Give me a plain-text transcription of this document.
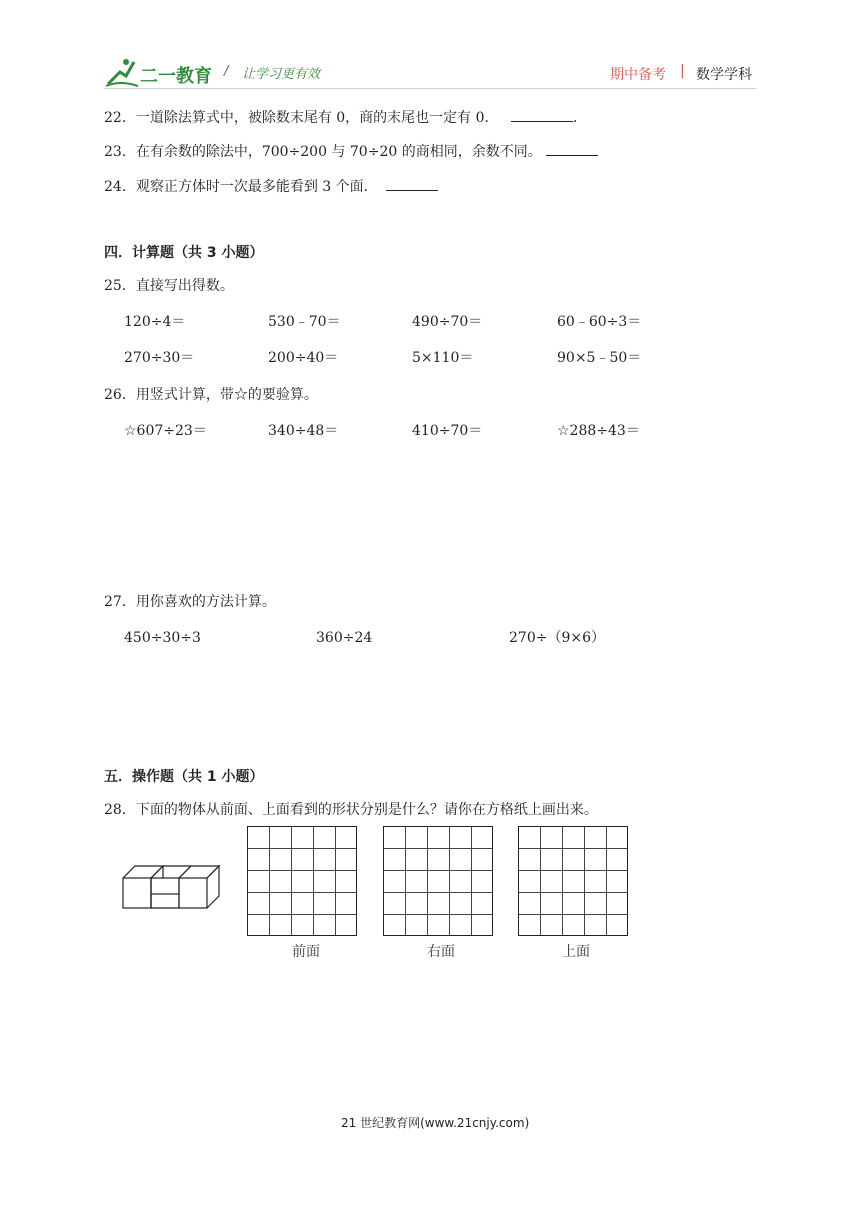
二一教育 / 让学习更有效	期中备考 | 数学学科
22．一道除法算式中，被除数末尾有 0，商的末尾也一定有 0．	．
23．在有余数的除法中，700÷200 与 70÷20 的商相同，余数不同。
24．观察正方体时一次最多能看到 3 个面．
四．计算题（共 3 小题）
25．直接写出得数。
120÷4＝	530﹣70＝	490÷70＝	60﹣60÷3＝
270÷30＝	200÷40＝	5×110＝	90×5﹣50＝
26．用竖式计算，带☆的要验算。
☆607÷23＝	340÷48＝	410÷70＝	☆288÷43＝
27．用你喜欢的方法计算。
450÷30÷3	360÷24	270÷（9×6）
五．操作题（共 1 小题）
28．下面的物体从前面、上面看到的形状分别是什么？请你在方格纸上画出来。
前面	右面	上面
21 世纪教育网(www.21cnjy.com)
